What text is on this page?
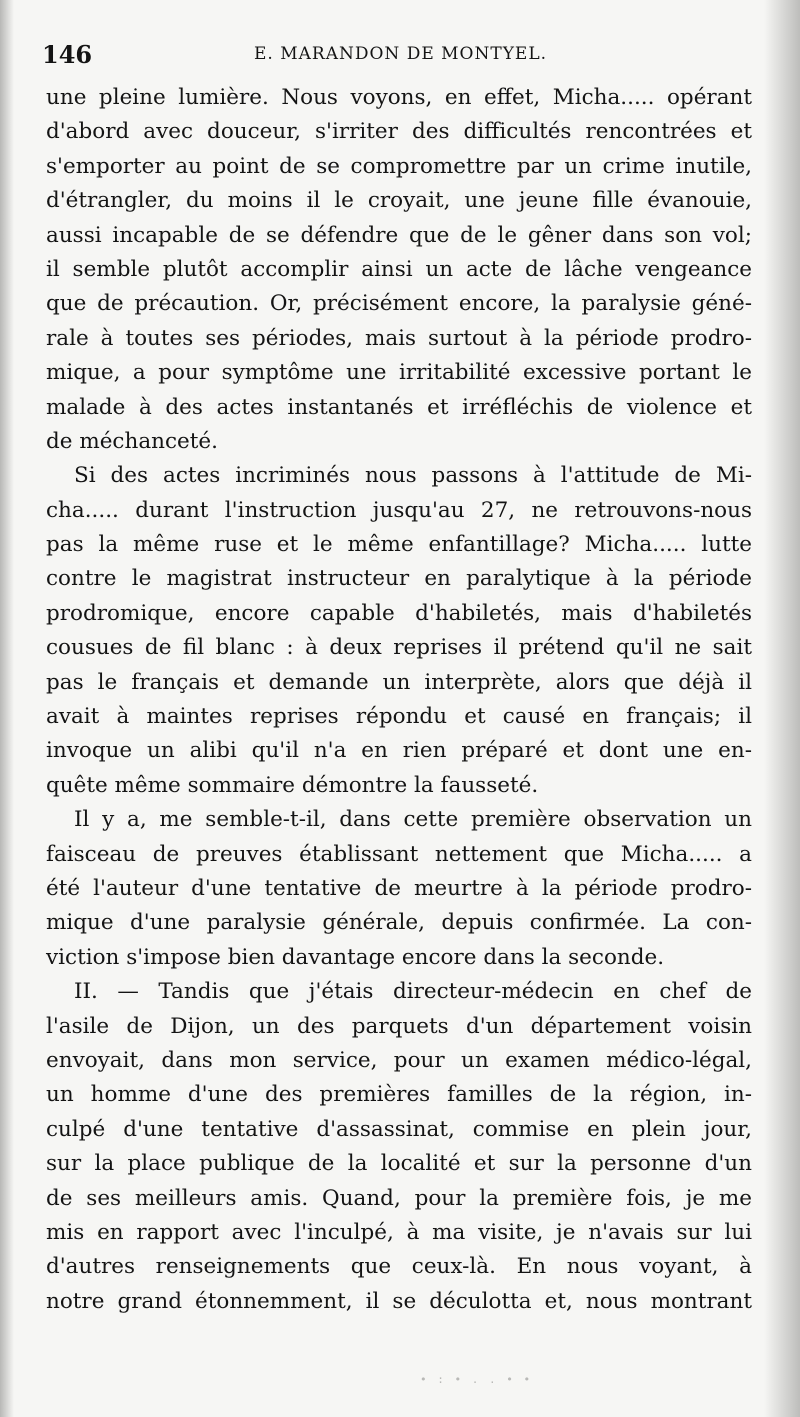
146	E. MARANDON DE MONTYEL.
une pleine lumière. Nous voyons, en effet, Micha..... opérant
d'abord avec douceur, s'irriter des difficultés rencontrées et
s'emporter au point de se compromettre par un crime inutile,
d'étrangler, du moins il le croyait, une jeune fille évanouie,
aussi incapable de se défendre que de le gêner dans son vol;
il semble plutôt accomplir ainsi un acte de lâche vengeance
que de précaution. Or, précisément encore, la paralysie géné-
rale à toutes ses périodes, mais surtout à la période prodro-
mique, a pour symptôme une irritabilité excessive portant le
malade à des actes instantanés et irréfléchis de violence et
de méchanceté.
Si des actes incriminés nous passons à l'attitude de Mi-
cha..... durant l'instruction jusqu'au 27, ne retrouvons-nous
pas la même ruse et le même enfantillage? Micha..... lutte
contre le magistrat instructeur en paralytique à la période
prodromique, encore capable d'habiletés, mais d'habiletés
cousues de fil blanc : à deux reprises il prétend qu'il ne sait
pas le français et demande un interprète, alors que déjà il
avait à maintes reprises répondu et causé en français; il
invoque un alibi qu'il n'a en rien préparé et dont une en-
quête même sommaire démontre la fausseté.
Il y a, me semble-t-il, dans cette première observation un
faisceau de preuves établissant nettement que Micha..... a
été l'auteur d'une tentative de meurtre à la période prodro-
mique d'une paralysie générale, depuis confirmée. La con-
viction s'impose bien davantage encore dans la seconde.
II. — Tandis que j'étais directeur-médecin en chef de
l'asile de Dijon, un des parquets d'un département voisin
envoyait, dans mon service, pour un examen médico-légal,
un homme d'une des premières familles de la région, in-
culpé d'une tentative d'assassinat, commise en plein jour,
sur la place publique de la localité et sur la personne d'un
de ses meilleurs amis. Quand, pour la première fois, je me
mis en rapport avec l'inculpé, à ma visite, je n'avais sur lui
d'autres renseignements que ceux-là. En nous voyant, à
notre grand étonnemment, il se déculotta et, nous montrant
• : • . . • •
